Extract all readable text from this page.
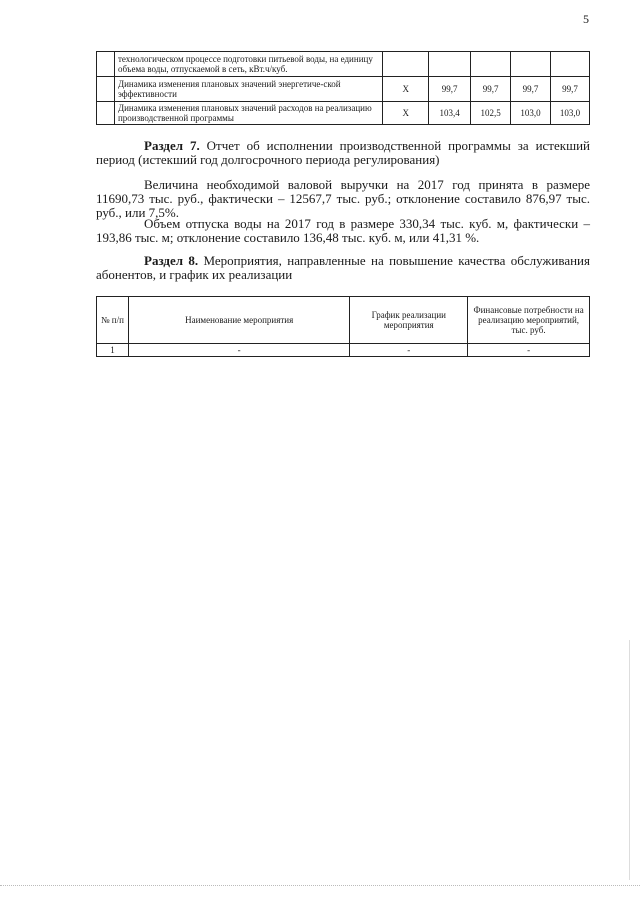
5
	технологическом процессе подготовки питьевой воды, на единицу объема воды, отпускаемой в сеть, кВт.ч/куб.					
	Динамика изменения плановых значений энергетиче-ской эффективности	X	99,7	99,7	99,7	99,7
	Динамика изменения плановых значений расходов на реализацию производственной программы	X	103,4	102,5	103,0	103,0
Раздел 7. Отчет об исполнении производственной программы за истекший период (истекший год долгосрочного периода регулирования)
Величина необходимой валовой выручки на 2017 год принята в размере 11690,73 тыс. руб., фактически – 12567,7 тыс. руб.; отклонение составило 876,97 тыс. руб., или 7,5%.
Объем отпуска воды на 2017 год в размере 330,34 тыс. куб. м, фактически – 193,86 тыс. м; отклонение составило 136,48 тыс. куб. м, или 41,31 %.
Раздел 8. Мероприятия, направленные на повышение качества обслуживания абонентов, и график их реализации
№ п/п	Наименование мероприятия	График реализации мероприятия	Финансовые потребности на реализацию мероприятий, тыс. руб.
1	-	-	-
